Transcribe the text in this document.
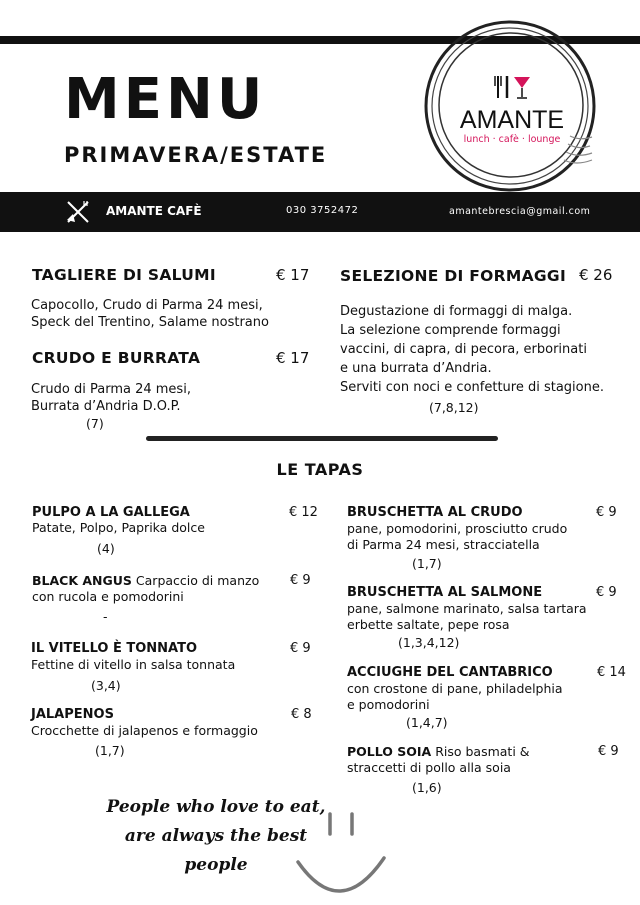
MENU
PRIMAVERA/ESTATE
AMANTE
lunch · cafè · lounge
AMANTE CAFÈ	030 3752472	amantebrescia@gmail.com
TAGLIERE DI SALUMI	€ 17
Capocollo, Crudo di Parma 24 mesi,
Speck del Trentino, Salame nostrano
CRUDO E BURRATA	€ 17
Crudo di Parma 24 mesi,
Burrata d’Andria D.O.P.
(7)
SELEZIONE DI FORMAGGI € 26
Degustazione di formaggi di malga.
La selezione comprende formaggi
vaccini, di capra, di pecora, erborinati
e una burrata d’Andria.
Serviti con noci e confetture di stagione.
(7,8,12)
LE TAPAS
PULPO A LA GALLEGA	€ 12
Patate, Polpo, Paprika dolce
(4)
BLACK ANGUS Carpaccio di manzo € 9
con rucola e pomodorini
-
IL VITELLO È TONNATO	€ 9
Fettine di vitello in salsa tonnata
(3,4)
JALAPENOS	€ 8
Crocchette di jalapenos e formaggio
(1,7)
BRUSCHETTA AL CRUDO	€ 9
pane, pomodorini, prosciutto crudo
di Parma 24 mesi, stracciatella
(1,7)
BRUSCHETTA AL SALMONE	€ 9
pane, salmone marinato, salsa tartara
erbette saltate, pepe rosa
(1,3,4,12)
ACCIUGHE DEL CANTABRICO	€ 14
con crostone di pane, philadelphia
e pomodorini
(1,4,7)
POLLO SOIA Riso basmati &	€ 9
straccetti di pollo alla soia
(1,6)
People who love to eat,
are always the best people
